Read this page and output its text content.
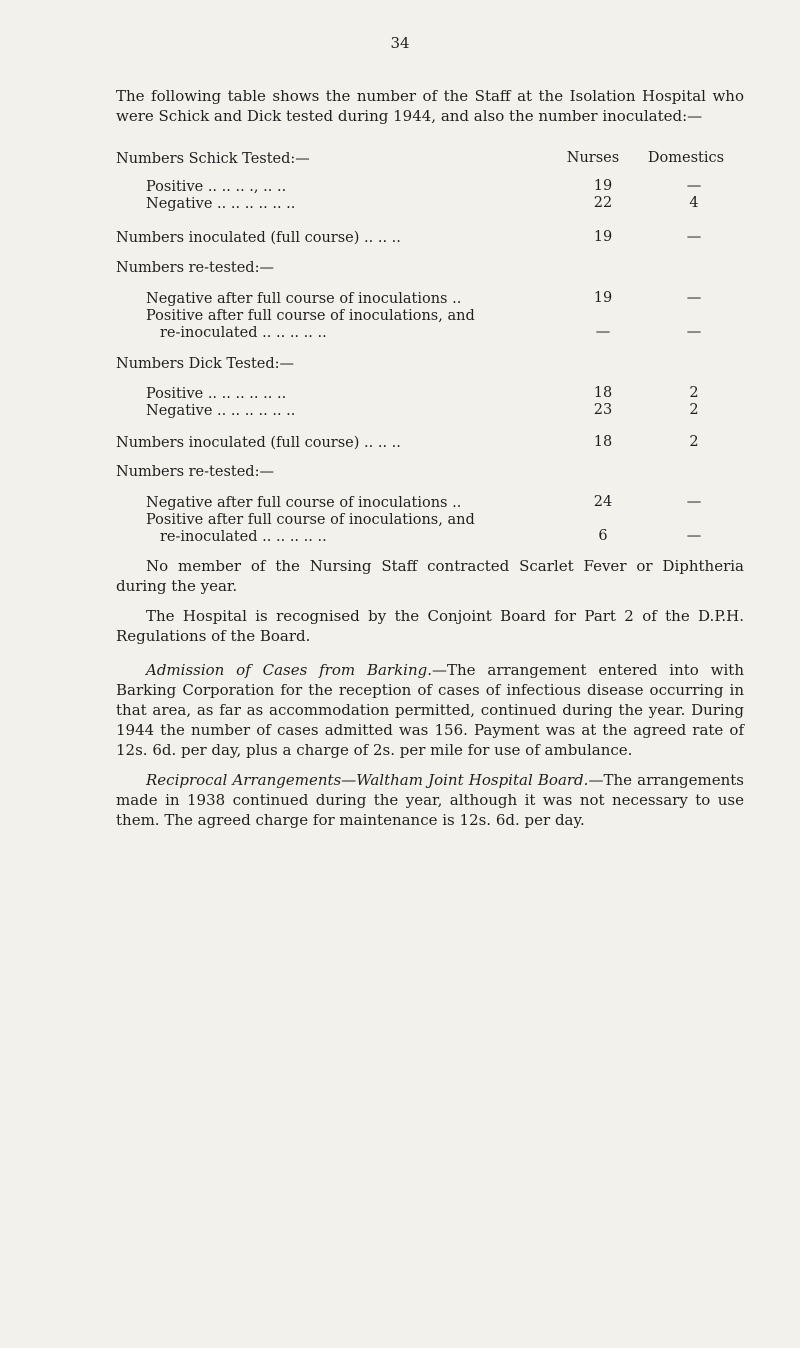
34
The following table shows the number of the Staff at the Isolation Hospital who were Schick and Dick tested during 1944, and also the number inoculated:—
Numbers Schick Tested:—	Nurses Domestics
Positive .. .. .. ., .. ..	19	—
Negative .. .. .. .. .. ..	22	4
Numbers inoculated (full course) .. .. ..	19	—
Numbers re-tested:—
Negative after full course of inoculations ..	19	—
Positive after full course of inoculations, and
re-inoculated .. .. .. .. ..	—	—
Numbers Dick Tested:—
Positive .. .. .. .. .. ..	18	2
Negative .. .. .. .. .. ..	23	2
Numbers inoculated (full course) .. .. ..	18	2
Numbers re-tested:—
Negative after full course of inoculations ..	24	—
Positive after full course of inoculations, and
re-inoculated .. .. .. .. ..	6	—
No member of the Nursing Staff contracted Scarlet Fever or Diphtheria during the year.
The Hospital is recognised by the Conjoint Board for Part 2 of the D.P.H. Regulations of the Board.
Admission of Cases from Barking.—The arrangement entered into with Barking Corporation for the reception of cases of infectious disease occurring in that area, as far as accommodation permitted, continued during the year. During 1944 the number of cases admitted was 156. Payment was at the agreed rate of 12s. 6d. per day, plus a charge of 2s. per mile for use of ambulance.
Reciprocal Arrangements—Waltham Joint Hospital Board.—The arrangements made in 1938 continued during the year, although it was not necessary to use them. The agreed charge for maintenance is 12s. 6d. per day.
